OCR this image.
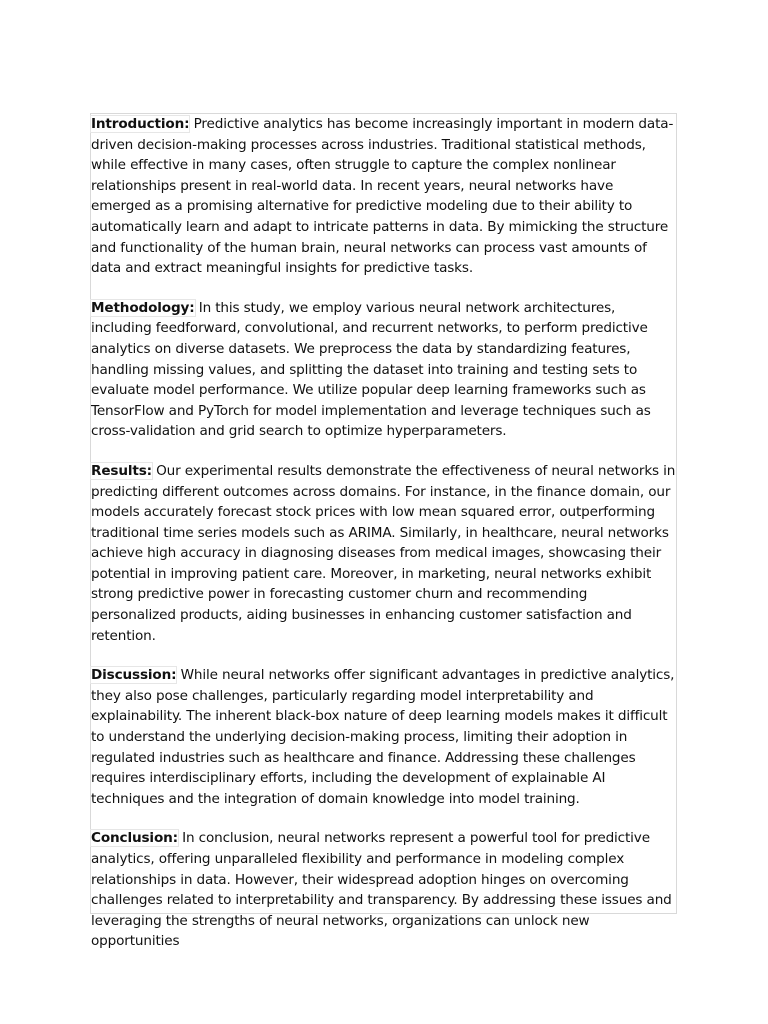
Introduction: Predictive analytics has become increasingly important in modern data-driven decision-making processes across industries. Traditional statistical methods, while effective in many cases, often struggle to capture the complex nonlinear relationships present in real-world data. In recent years, neural networks have emerged as a promising alternative for predictive modeling due to their ability to automatically learn and adapt to intricate patterns in data. By mimicking the structure and functionality of the human brain, neural networks can process vast amounts of data and extract meaningful insights for predictive tasks.

Methodology: In this study, we employ various neural network architectures, including feedforward, convolutional, and recurrent networks, to perform predictive analytics on diverse datasets. We preprocess the data by standardizing features, handling missing values, and splitting the dataset into training and testing sets to evaluate model performance. We utilize popular deep learning frameworks such as TensorFlow and PyTorch for model implementation and leverage techniques such as cross-validation and grid search to optimize hyperparameters.

Results: Our experimental results demonstrate the effectiveness of neural networks in predicting different outcomes across domains. For instance, in the finance domain, our models accurately forecast stock prices with low mean squared error, outperforming traditional time series models such as ARIMA. Similarly, in healthcare, neural networks achieve high accuracy in diagnosing diseases from medical images, showcasing their potential in improving patient care. Moreover, in marketing, neural networks exhibit strong predictive power in forecasting customer churn and recommending personalized products, aiding businesses in enhancing customer satisfaction and retention.

Discussion: While neural networks offer significant advantages in predictive analytics, they also pose challenges, particularly regarding model interpretability and explainability. The inherent black-box nature of deep learning models makes it difficult to understand the underlying decision-making process, limiting their adoption in regulated industries such as healthcare and finance. Addressing these challenges requires interdisciplinary efforts, including the development of explainable AI techniques and the integration of domain knowledge into model training.

Conclusion: In conclusion, neural networks represent a powerful tool for predictive analytics, offering unparalleled flexibility and performance in modeling complex relationships in data. However, their widespread adoption hinges on overcoming challenges related to interpretability and transparency. By addressing these issues and leveraging the strengths of neural networks, organizations can unlock new opportunities
